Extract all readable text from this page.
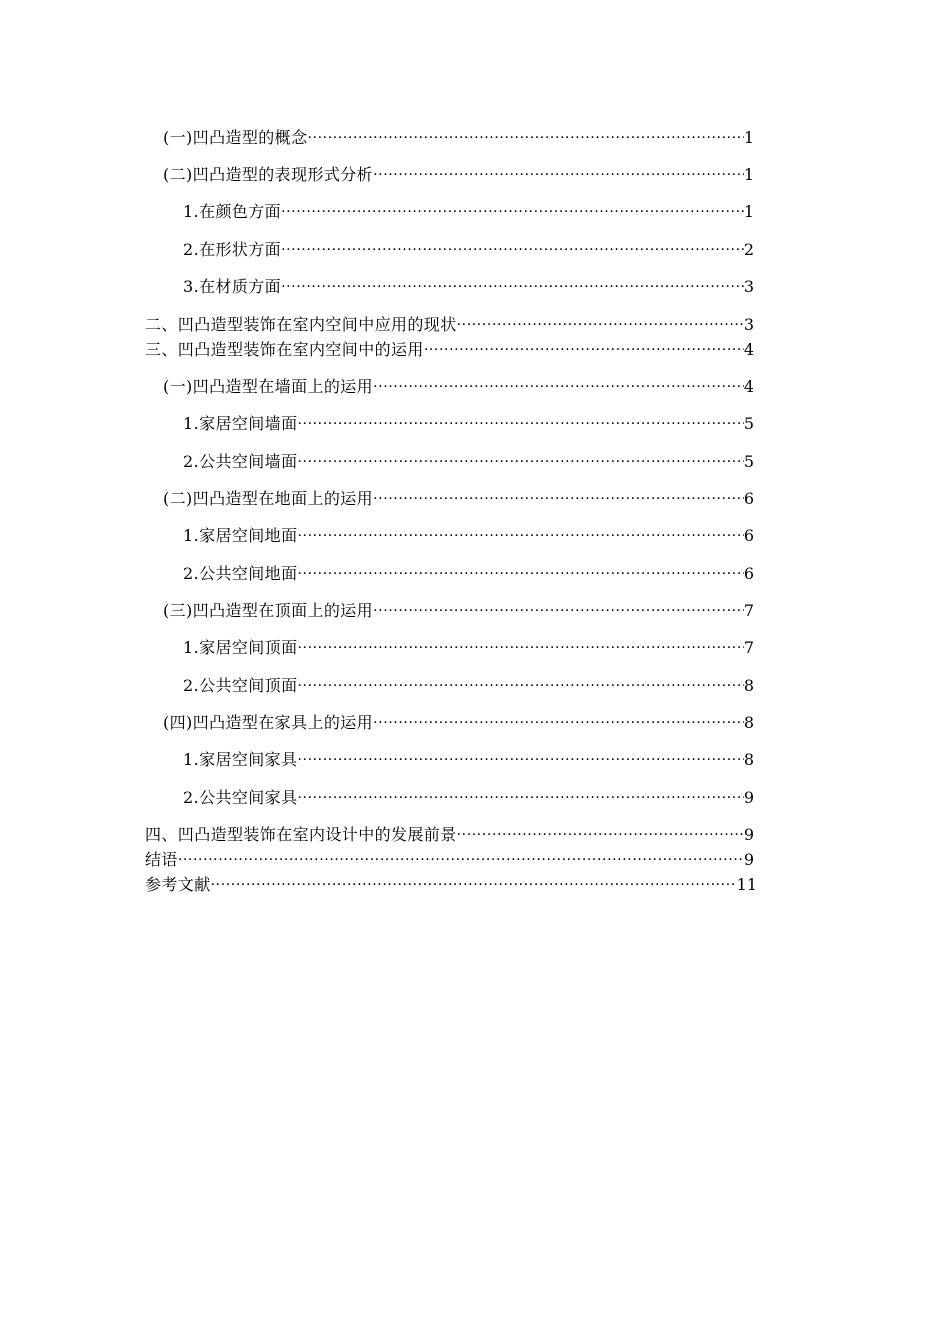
(一)凹凸造型的概念 ·····	1
(二)凹凸造型的表现形式分析 ·····	1
1.在颜色方面 ·····	1
2.在形状方面 ·····	2
3.在材质方面 ·····	3
二、凹凸造型装饰在室内空间中应用的现状 ·····	3
三、凹凸造型装饰在室内空间中的运用 ·····	4
(一)凹凸造型在墙面上的运用 ·····	4
1.家居空间墙面 ·····	5
2.公共空间墙面 ·····	5
(二)凹凸造型在地面上的运用 ·····	6
1.家居空间地面 ·····	6
2.公共空间地面 ·····	6
(三)凹凸造型在顶面上的运用 ·····	7
1.家居空间顶面 ·····	7
2.公共空间顶面 ·····	8
(四)凹凸造型在家具上的运用 ·····	8
1.家居空间家具 ·····	8
2.公共空间家具 ·····	9
四、凹凸造型装饰在室内设计中的发展前景 ·····	9
结语 ·····	9
参考文献 ·····	11
